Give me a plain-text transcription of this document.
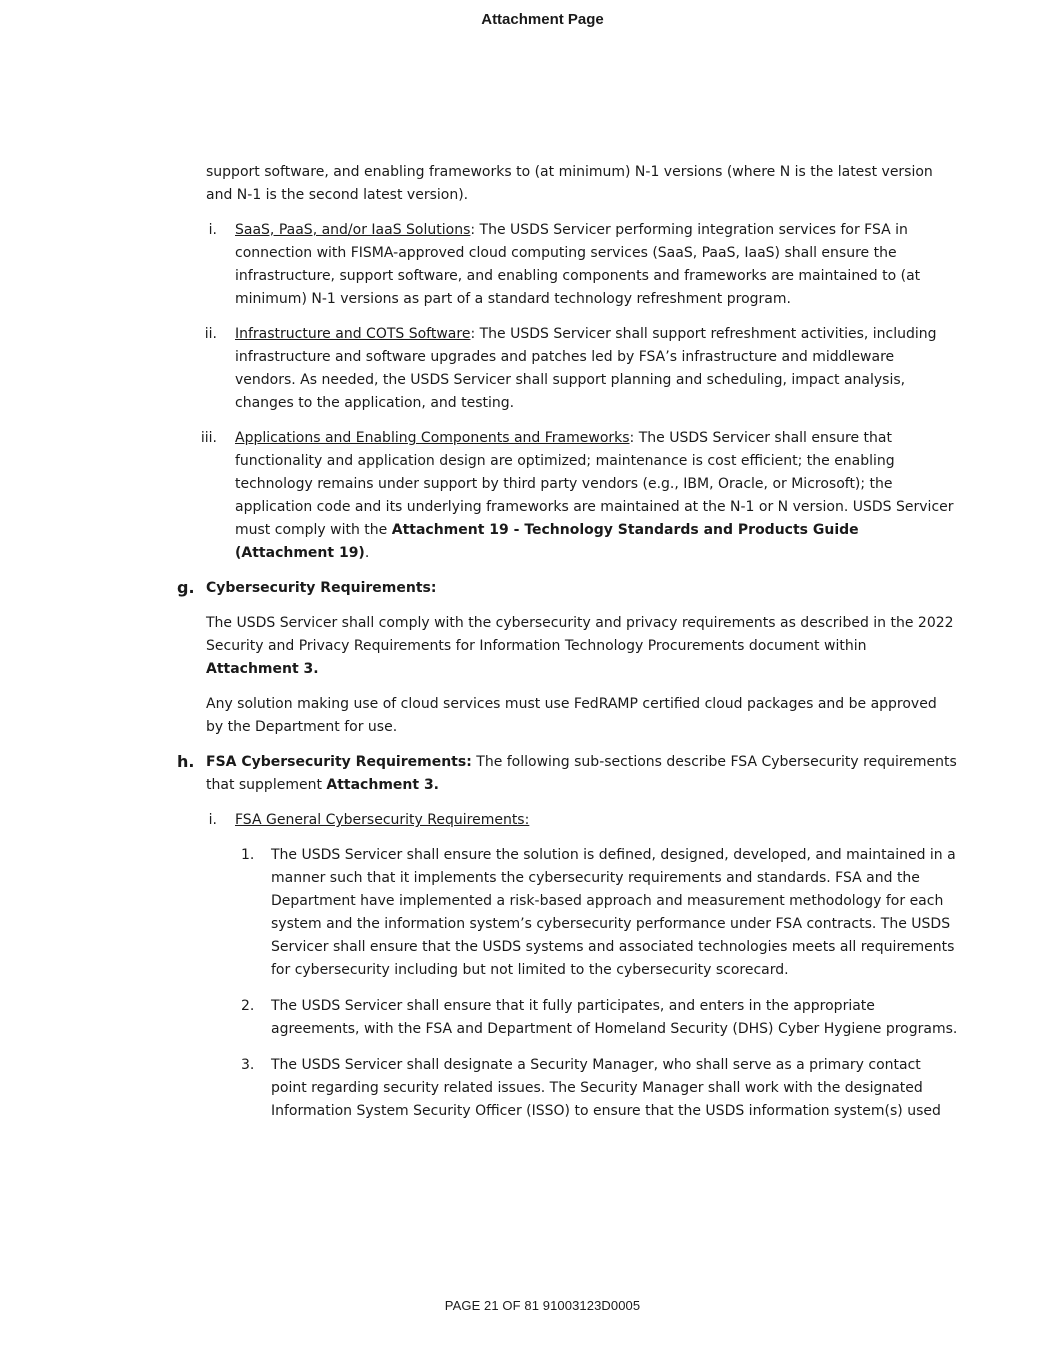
Attachment Page

support software, and enabling frameworks to (at minimum) N-1 versions (where N is the latest version and N-1 is the second latest version).

i. SaaS, PaaS, and/or IaaS Solutions: The USDS Servicer performing integration services for FSA in connection with FISMA-approved cloud computing services (SaaS, PaaS, IaaS) shall ensure the infrastructure, support software, and enabling components and frameworks are maintained to (at minimum) N-1 versions as part of a standard technology refreshment program.
ii. Infrastructure and COTS Software: The USDS Servicer shall support refreshment activities, including infrastructure and software upgrades and patches led by FSA’s infrastructure and middleware vendors. As needed, the USDS Servicer shall support planning and scheduling, impact analysis, changes to the application, and testing.
iii. Applications and Enabling Components and Frameworks: The USDS Servicer shall ensure that functionality and application design are optimized; maintenance is cost efficient; the enabling technology remains under support by third party vendors (e.g., IBM, Oracle, or Microsoft); the application code and its underlying frameworks are maintained at the N-1 or N version. USDS Servicer must comply with the Attachment 19 - Technology Standards and Products Guide (Attachment 19).
g. Cybersecurity Requirements:

The USDS Servicer shall comply with the cybersecurity and privacy requirements as described in the 2022 Security and Privacy Requirements for Information Technology Procurements document within Attachment 3.

Any solution making use of cloud services must use FedRAMP certified cloud packages and be approved by the Department for use.

h. FSA Cybersecurity Requirements: The following sub-sections describe FSA Cybersecurity requirements that supplement Attachment 3.
i. FSA General Cybersecurity Requirements:
1. The USDS Servicer shall ensure the solution is defined, designed, developed, and maintained in a manner such that it implements the cybersecurity requirements and standards. FSA and the Department have implemented a risk-based approach and measurement methodology for each system and the information system’s cybersecurity performance under FSA contracts. The USDS Servicer shall ensure that the USDS systems and associated technologies meets all requirements for cybersecurity including but not limited to the cybersecurity scorecard.
2. The USDS Servicer shall ensure that it fully participates, and enters in the appropriate agreements, with the FSA and Department of Homeland Security (DHS) Cyber Hygiene programs.
3. The USDS Servicer shall designate a Security Manager, who shall serve as a primary contact point regarding security related issues. The Security Manager shall work with the designated Information System Security Officer (ISSO) to ensure that the USDS information system(s) used
PAGE 21 OF 81 91003123D0005
